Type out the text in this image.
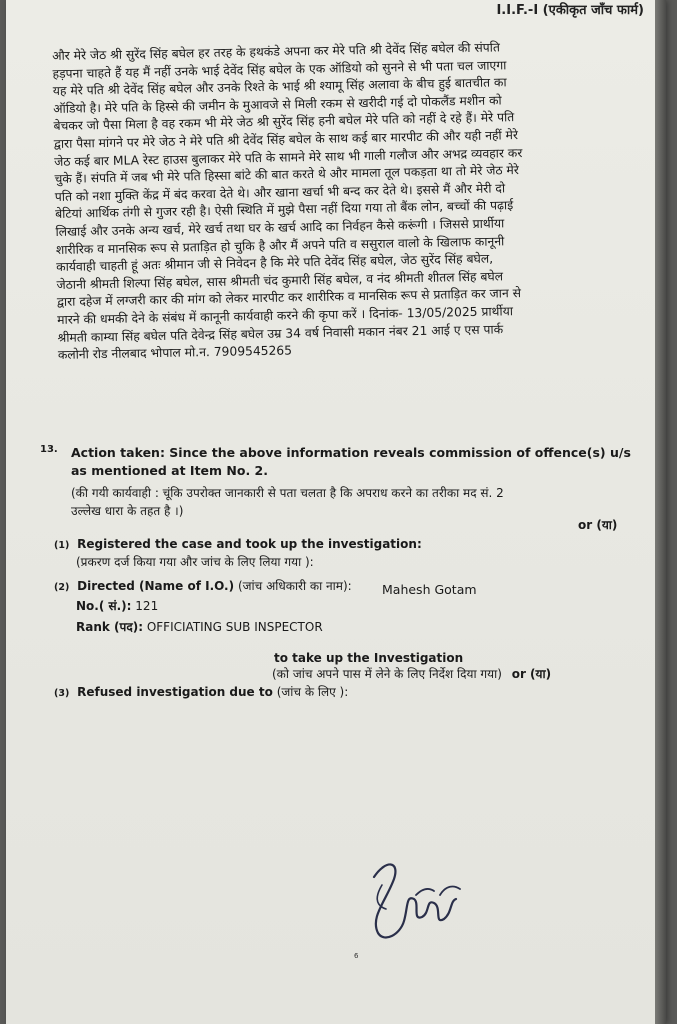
I.I.F.-I (एकीकृत जाँच फार्म)
और मेरे जेठ श्री सुरेंद सिंह बघेल हर तरह के हथकंडे अपना कर मेरे पति श्री देवेंद सिंह बघेल की संपति
हड़पना चाहते हैं यह मैं नहीं उनके भाई देवेंद सिंह बघेल के एक ऑडियो को सुनने से भी पता चल जाएगा
यह मेरे पति श्री देवेंद सिंह बघेल और उनके रिश्ते के भाई श्री श्यामू सिंह अलावा के बीच हुई बातचीत का
ऑडियो है। मेरे पति के हिस्से की जमीन के मुआवजे से मिली रकम से खरीदी गई दो पोकलैंड मशीन को
बेचकर जो पैसा मिला है वह रकम भी मेरे जेठ श्री सुरेंद सिंह हनी बघेल मेरे पति को नहीं दे रहे हैं। मेरे पति
द्वारा पैसा मांगने पर मेरे जेठ ने मेरे पति श्री देवेंद सिंह बघेल के साथ कई बार मारपीट की और यही नहीं मेरे
जेठ कई बार MLA रेस्ट हाउस बुलाकर मेरे पति के सामने मेरे साथ भी गाली गलौज और अभद्र व्यवहार कर
चुके हैं। संपति में जब भी मेरे पति हिस्सा बांटे की बात करते थे और मामला तूल पकड़ता था तो मेरे जेठ मेरे
पति को नशा मुक्ति केंद्र में बंद करवा देते थे। और खाना खर्चा भी बन्द कर देते थे। इससे मैं और मेरी दो
बेटियां आर्थिक तंगी से गुजर रही है। ऐसी स्थिति में मुझे पैसा नहीं दिया गया तो बैंक लोन, बच्चों की पढ़ाई
लिखाई और उनके अन्य खर्च, मेरे खर्च तथा घर के खर्च आदि का निर्वहन कैसे करूंगी । जिससे प्रार्थीया
शारीरिक व मानसिक रूप से प्रताड़ित हो चुकि है और मैं अपने पति व ससुराल वालो के खिलाफ कानूनी
कार्यवाही चाहती हूं अतः श्रीमान जी से निवेदन है कि मेरे पति देवेंद सिंह बघेल, जेठ सुरेंद सिंह बघेल,
जेठानी श्रीमती शिल्पा सिंह बघेल, सास श्रीमती चंद कुमारी सिंह बघेल, व नंद श्रीमती शीतल सिंह बघेल
द्वारा दहेज में लग्जरी कार की मांग को लेकर मारपीट कर शारीरिक व मानसिक रूप से प्रताड़ित कर जान से
मारने की धमकी देने के संबंध में कानूनी कार्यवाही करने की कृपा करें । दिनांक- 13/05/2025 प्रार्थीया
श्रीमती काम्या सिंह बघेल पति देवेन्द्र सिंह बघेल उम्र 34 वर्ष निवासी मकान नंबर 21 आई ए एस पार्क
कलोनी रोड नीलबाद भोपाल मो.न. 7909545265
13. Action taken: Since the above information reveals commission of offence(s) u/s
as mentioned at Item No. 2.
(की गयी कार्यवाही : चूंकि उपरोक्त जानकारी से पता चलता है कि अपराध करने का तरीका मद सं. 2
उल्लेख धारा के तहत है ।)
or (या)
(1) Registered the case and took up the investigation:
(प्रकरण दर्ज किया गया और जांच के लिए लिया गया ):
(2) Directed (Name of I.O.) (जांच अधिकारी का नाम):
No.( सं.): 121
Rank (पद): OFFICIATING SUB INSPECTOR
Mahesh Gotam
to take up the Investigation
(को जांच अपने पास में लेने के लिए निर्देश दिया गया) or (या)
(3) Refused investigation due to (जांच के लिए ):
6
